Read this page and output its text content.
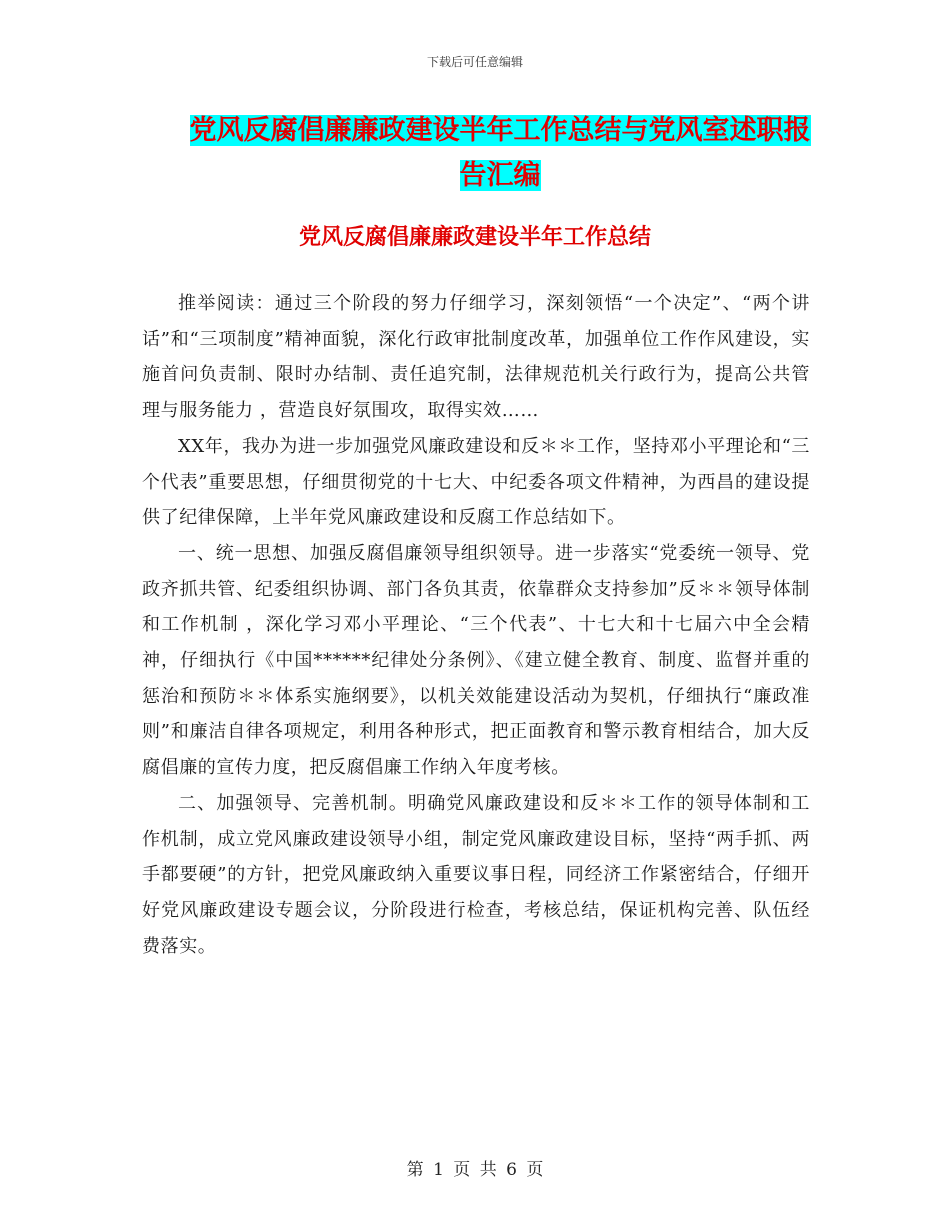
下载后可任意编辑
党风反腐倡廉廉政建设半年工作总结与党风室述职报
告汇编
党风反腐倡廉廉政建设半年工作总结

推举阅读：通过三个阶段的努力仔细学习，深刻领悟“一个决定”、“两个讲话”和“三项制度”精神面貌，深化行政审批制度改革，加强单位工作作风建设，实施首问负责制、限时办结制、责任追究制，法律规范机关行政行为，提高公共管理与服务能力 ，营造良好氛围攻，取得实效……

XX年，我办为进一步加强党风廉政建设和反＊＊工作，坚持邓小平理论和“三个代表”重要思想，仔细贯彻党的十七大、中纪委各项文件精神，为西昌的建设提供了纪律保障，上半年党风廉政建设和反腐工作总结如下。

一、统一思想、加强反腐倡廉领导组织领导。进一步落实“党委统一领导、党政齐抓共管、纪委组织协调、部门各负其责，依靠群众支持参加”反＊＊领导体制和工作机制 ，深化学习邓小平理论、“三个代表”、十七大和十七届六中全会精神，仔细执行《中国******纪律处分条例》、《建立健全教育、制度、监督并重的惩治和预防＊＊体系实施纲要》，以机关效能建设活动为契机，仔细执行“廉政准则”和廉洁自律各项规定，利用各种形式，把正面教育和警示教育相结合，加大反腐倡廉的宣传力度，把反腐倡廉工作纳入年度考核。

二、加强领导、完善机制。明确党风廉政建设和反＊＊工作的领导体制和工作机制，成立党风廉政建设领导小组，制定党风廉政建设目标，坚持“两手抓、两手都要硬”的方针，把党风廉政纳入重要议事日程，同经济工作紧密结合，仔细开好党风廉政建设专题会议，分阶段进行检查，考核总结，保证机构完善、队伍经费落实。

第 1 页 共 6 页
